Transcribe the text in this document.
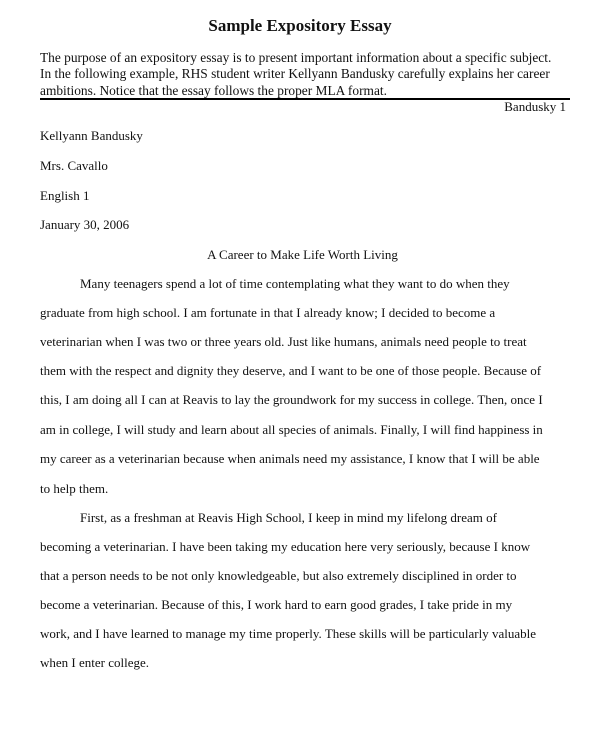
Sample Expository Essay
The purpose of an expository essay is to present important information about a specific subject.
In the following example, RHS student writer Kellyann Bandusky carefully explains her career
ambitions. Notice that the essay follows the proper MLA format.
Bandusky 1
Kellyann Bandusky
Mrs. Cavallo
English 1
January 30, 2006
A Career to Make Life Worth Living
Many teenagers spend a lot of time contemplating what they want to do when they
graduate from high school. I am fortunate in that I already know; I decided to become a
veterinarian when I was two or three years old. Just like humans, animals need people to treat
them with the respect and dignity they deserve, and I want to be one of those people. Because of
this, I am doing all I can at Reavis to lay the groundwork for my success in college. Then, once I
am in college, I will study and learn about all species of animals. Finally, I will find happiness in
my career as a veterinarian because when animals need my assistance, I know that I will be able
to help them.
First, as a freshman at Reavis High School, I keep in mind my lifelong dream of
becoming a veterinarian. I have been taking my education here very seriously, because I know
that a person needs to be not only knowledgeable, but also extremely disciplined in order to
become a veterinarian. Because of this, I work hard to earn good grades, I take pride in my
work, and I have learned to manage my time properly. These skills will be particularly valuable
when I enter college.
